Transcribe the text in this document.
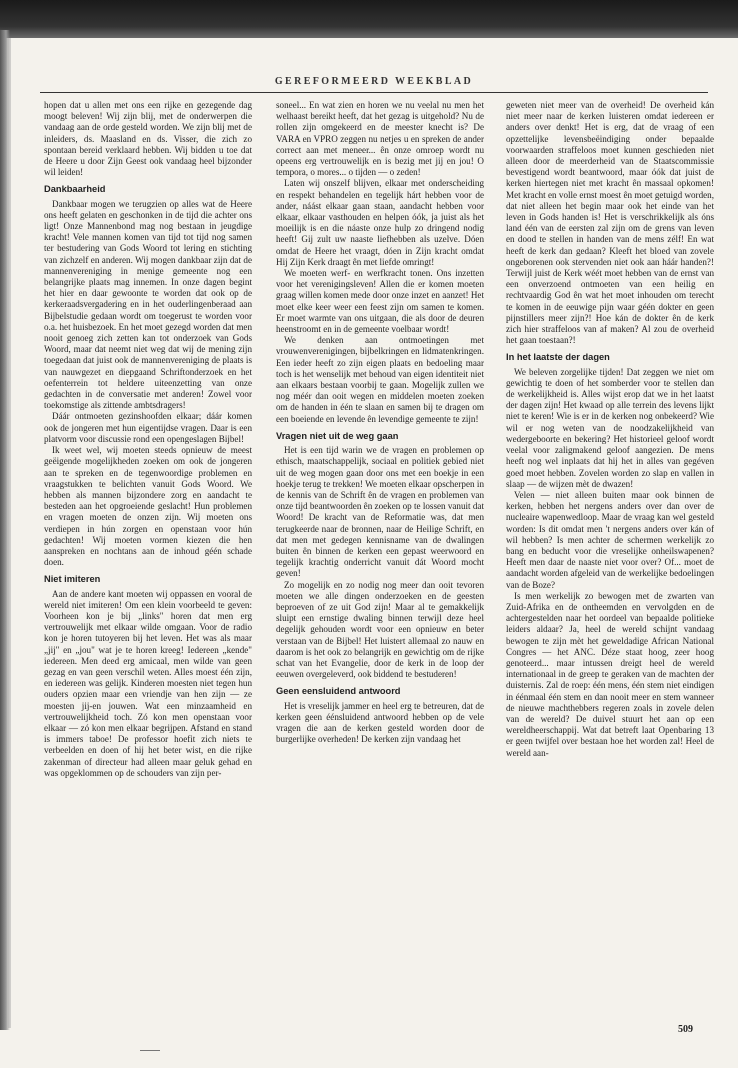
GEREFORMEERD WEEKBLAD

hopen dat u allen met ons een rijke en gezegende dag moogt beleven! Wij zijn blij, met de onderwerpen die vandaag aan de orde gesteld worden. We zijn blij met de inleiders, ds. Maasland en ds. Visser, die zich zo spontaan bereid verklaard hebben. Wij bidden u toe dat de Heere u door Zijn Geest ook vandaag heel bijzonder wil leiden!

Dankbaarheid

Dankbaar mogen we terugzien op alles wat de Heere ons heeft gelaten en geschonken in de tijd die achter ons ligt! Onze Mannenbond mag nog bestaan in jeugdige kracht! Vele mannen komen van tijd tot tijd nog samen ter bestudering van Gods Woord tot lering en stichting van zichzelf en anderen. Wij mogen dankbaar zijn dat de mannenvereniging in menige gemeente nog een belangrijke plaats mag innemen. In onze dagen begint het hier en daar gewoonte te worden dat ook op de kerkeraadsvergadering en in het ouderlingenberaad aan Bijbelstudie gedaan wordt om toegerust te worden voor o.a. het huisbezoek. En het moet gezegd worden dat men nooit genoeg zich zetten kan tot onderzoek van Gods Woord, maar dat neemt niet weg dat wij de mening zijn toegedaan dat juist ook de mannenvereniging de plaats is van nauwgezet en diepgaand Schriftonderzoek en het oefenterrein tot heldere uiteenzetting van onze gedachten in de conversatie met anderen! Zowel voor toekomstige als zittende ambtsdragers!

Dáár ontmoeten gezinshoofden elkaar; dáár komen ook de jongeren met hun eigentijdse vragen. Daar is een platvorm voor discussie rond een opengeslagen Bijbel!

Ik weet wel, wij moeten steeds opnieuw de meest geëigende mogelijkheden zoeken om ook de jongeren aan te spreken en de tegenwoordige problemen en vraagstukken te belichten vanuit Gods Woord. We hebben als mannen bijzondere zorg en aandacht te besteden aan het opgroeiende geslacht! Hun problemen en vragen moeten de onzen zijn. Wij moeten ons verdiepen in hún zorgen en openstaan voor hún gedachten! Wij moeten vormen kiezen die hen aanspreken en nochtans aan de inhoud géén schade doen.

Niet imiteren

Aan de andere kant moeten wij oppassen en vooral de wereld niet imiteren! Om een klein voorbeeld te geven: Voorheen kon je bij „links" horen dat men erg vertrouwelijk met elkaar wilde omgaan. Voor de radio kon je horen tutoyeren bij het leven. Het was als maar „jij" en „jou" wat je te horen kreeg! Iedereen „kende" iedereen. Men deed erg amicaal, men wilde van geen gezag en van geen verschil weten. Alles moest één zijn, en iedereen was gelijk. Kinderen moesten niet tegen hun ouders opzien maar een vriendje van hen zijn — ze moesten jij-en jouwen. Wat een minzaamheid en vertrouwelijkheid toch. Zó kon men openstaan voor elkaar — zó kon men elkaar begrijpen. Afstand en stand is immers taboe! De professor hoefit zich niets te verbeelden en doen of hij het beter wist, en die rijke zakenman of directeur had alleen maar geluk gehad en was opgeklommen op de schouders van zijn per-

soneel... En wat zien en horen we nu veelal nu men het welhaast bereikt heeft, dat het gezag is uitgehold? Nu de rollen zijn omgekeerd en de meester knecht is? De VARA en VPRO zeggen nu netjes u en spreken de ander correct aan met meneer... ên onze omroep wordt nu opeens erg vertrouwelijk en is bezig met jij en jou! O tempora, o mores... o tijden — o zeden!

Laten wij onszelf blijven, elkaar met onderscheiding en respekt behandelen en tegelijk hárt hebben voor de ander, náást elkaar gaan staan, aandacht hebben voor elkaar, elkaar vasthouden en helpen óók, ja juist als het moeilijk is en die náaste onze hulp zo dringend nodig heeft! Gij zult uw naaste liefhebben als uzelve. Dóen omdat de Heere het vraagt, dóen in Zijn kracht omdat Hij Zijn Kerk draagt ên met liefde omringt!

We moeten werf- en werfkracht tonen. Ons inzetten voor het verenigingsleven! Allen die er komen moeten graag willen komen mede door onze inzet en aanzet! Het moet elke keer weer een feest zijn om samen te komen. Er moet warmte van ons uitgaan, die als door de deuren heenstroomt en in de gemeente voelbaar wordt!

We denken aan ontmoetingen met vrouwenverenigingen, bijbelkringen en lidmatenkringen. Een ieder heeft zo zijn eigen plaats en bedoeling maar toch is het wenselijk met behoud van eigen identiteit niet aan elkaars bestaan voorbij te gaan. Mogelijk zullen we nog méér dan ooit wegen en middelen moeten zoeken om de handen in één te slaan en samen bij te dragen om een boeiende en levende ên levendige gemeente te zijn!

Vragen niet uit de weg gaan

Het is een tijd warin we de vragen en problemen op ethisch, maatschappelijk, sociaal en politiek gebied niet uit de weg mogen gaan door ons met een boekje in een hoekje terug te trekken! We moeten elkaar opscherpen in de kennis van de Schrift ên de vragen en problemen van onze tijd beantwoorden ên zoeken op te lossen vanuit dat Woord! De kracht van de Reformatie was, dat men terugkeerde naar de bronnen, naar de Heilige Schrift, en dat men met gedegen kennisname van de dwalingen buiten ên binnen de kerken een gepast weerwoord en tegelijk krachtig onderricht vanuit dát Woord mocht geven!

Zo mogelijk en zo nodig nog meer dan ooit tevoren moeten we alle dingen onderzoeken en de geesten beproeven of ze uit God zijn! Maar al te gemakkelijk sluipt een ernstige dwaling binnen terwijl deze heel degelijk gehouden wordt voor een opnieuw en beter verstaan van de Bijbel! Het luistert allemaal zo nauw en daarom is het ook zo belangrijk en gewichtig om de rijke schat van het Evangelie, door de kerk in de loop der eeuwen overgeleverd, ook biddend te bestuderen!

Geen eensluidend antwoord

Het is vreselijk jammer en heel erg te betreuren, dat de kerken geen éénsluidend antwoord hebben op de vele vragen die aan de kerken gesteld worden door de burgerlijke overheden! De kerken zijn vandaag het

geweten niet meer van de overheid! De overheid kán niet meer naar de kerken luisteren omdat iedereen er anders over denkt! Het is erg, dat de vraag of een opzettelijke levensbeëindiging onder bepaalde voorwaarden straffeloos moet kunnen geschieden niet alleen door de meerderheid van de Staatscommissie bevestigend wordt beantwoord, maar óók dat juist de kerken hiertegen niet met kracht ên massaal opkomen! Met kracht en volle ernst moest ên moet getuigd worden, dat niet alleen het begin maar ook het einde van het leven in Gods handen is! Het is verschrikkelijk als óns land één van de eersten zal zijn om de grens van leven en dood te stellen in handen van de mens zélf! En wat heeft de kerk dan gedaan? Kleeft het bloed van zovele ongeborenen ook stervenden niet ook aan háár handen?! Terwijl juist de Kerk wéét moet hebben van de ernst van een onverzoend ontmoeten van een heilig en rechtvaardig God ên wat het moet inhouden om terecht te komen in de eeuwige pijn waar géén dokter en geen pijnstillers meer zijn?! Hoe kán de dokter ên de kerk zich hier straffeloos van af maken? Al zou de overheid het gaan toestaan?!

In het laatste der dagen

We beleven zorgelijke tijden! Dat zeggen we niet om gewichtig te doen of het somberder voor te stellen dan de werkelijkheid is. Alles wijst erop dat we in het laatst der dagen zijn! Het kwaad op alle terrein des levens lijkt niet te keren! Wie is er in de kerken nog onbekeerd? Wie wil er nog weten van de noodzakelijkheid van wedergeboorte en bekering? Het historieel geloof wordt veelal voor zaligmakend geloof aangezien. De mens heeft nog wel inplaats dat hij het in alles van gegéven goed moet hebben. Zovelen worden zo slap en vallen in slaap — de wijzen mèt de dwazen!

Velen — niet alleen buiten maar ook binnen de kerken, hebben het nergens anders over dan over de nucleaire wapenwedloop. Maar de vraag kan wel gesteld worden: Is dit omdat men 't nergens anders over kán of wil hebben? Is men achter de schermen werkelijk zo bang en beducht voor die vreselijke onheilswapenen? Heeft men daar de naaste niet voor over? Of... moet de aandacht worden afgeleid van de werkelijke bedoelingen van de Boze?

Is men werkelijk zo bewogen met de zwarten van Zuid-Afrika en de ontheemden en vervolgden en de achtergestelden naar het oordeel van bepaalde politieke leiders aldaar? Ja, heel de wereld schijnt vandaag bewogen te zijn mèt het geweldadige African National Congres — het ANC. Déze staat hoog, zeer hoog genoteerd... maar intussen dreigt heel de wereld internationaal in de greep te geraken van de machten der duisternis. Zal de roep: één mens, één stem niet eindigen in éénmaal één stem en dan nooit meer en stem wanneer de nieuwe machthebbers regeren zoals in zovele delen van de wereld? De duivel stuurt het aan op een wereldheerschappij. Wat dat betreft laat Openbaring 13 er geen twijfel over bestaan hoe het worden zal! Heel de wereld aan-

509
